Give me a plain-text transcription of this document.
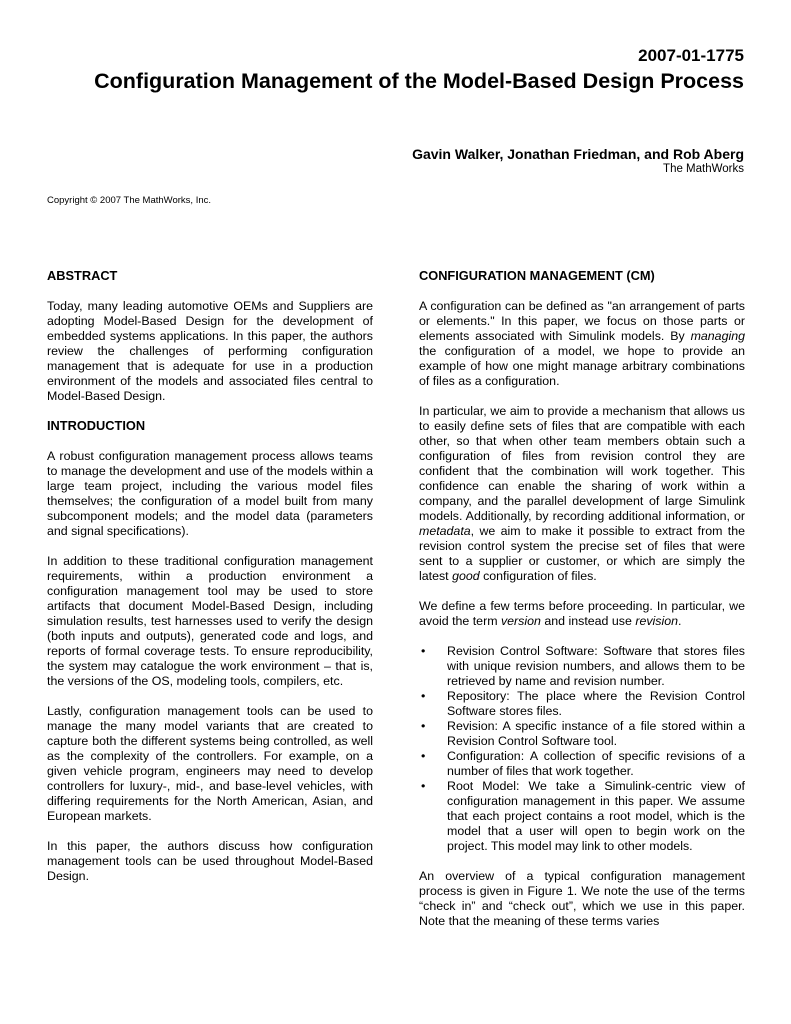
2007-01-1775
Configuration Management of the Model-Based Design Process
Gavin Walker, Jonathan Friedman, and Rob Aberg
The MathWorks
Copyright © 2007 The MathWorks, Inc.

ABSTRACT

Today, many leading automotive OEMs and Suppliers are adopting Model-Based Design for the development of embedded systems applications. In this paper, the authors review the challenges of performing configuration management that is adequate for use in a production environment of the models and associated files central to Model-Based Design.

INTRODUCTION

A robust configuration management process allows teams to manage the development and use of the models within a large team project, including the various model files themselves; the configuration of a model built from many subcomponent models; and the model data (parameters and signal specifications).

In addition to these traditional configuration management requirements, within a production environment a configuration management tool may be used to store artifacts that document Model-Based Design, including simulation results, test harnesses used to verify the design (both inputs and outputs), generated code and logs, and reports of formal coverage tests. To ensure reproducibility, the system may catalogue the work environment – that is, the versions of the OS, modeling tools, compilers, etc.

Lastly, configuration management tools can be used to manage the many model variants that are created to capture both the different systems being controlled, as well as the complexity of the controllers. For example, on a given vehicle program, engineers may need to develop controllers for luxury-, mid-, and base-level vehicles, with differing requirements for the North American, Asian, and European markets.

In this paper, the authors discuss how configuration management tools can be used throughout Model-Based Design.

CONFIGURATION MANAGEMENT (CM)

A configuration can be defined as "an arrangement of parts or elements." In this paper, we focus on those parts or elements associated with Simulink models. By managing the configuration of a model, we hope to provide an example of how one might manage arbitrary combinations of files as a configuration.

In particular, we aim to provide a mechanism that allows us to easily define sets of files that are compatible with each other, so that when other team members obtain such a configuration of files from revision control they are confident that the combination will work together. This confidence can enable the sharing of work within a company, and the parallel development of large Simulink models. Additionally, by recording additional information, or metadata, we aim to make it possible to extract from the revision control system the precise set of files that were sent to a supplier or customer, or which are simply the latest good configuration of files.

We define a few terms before proceeding. In particular, we avoid the term version and instead use revision.

• Revision Control Software: Software that stores files with unique revision numbers, and allows them to be retrieved by name and revision number.
• Repository: The place where the Revision Control Software stores files.
• Revision: A specific instance of a file stored within a Revision Control Software tool.
• Configuration: A collection of specific revisions of a number of files that work together.
• Root Model: We take a Simulink-centric view of configuration management in this paper. We assume that each project contains a root model, which is the model that a user will open to begin work on the project. This model may link to other models.

An overview of a typical configuration management process is given in Figure 1. We note the use of the terms “check in” and “check out”, which we use in this paper. Note that the meaning of these terms varies
